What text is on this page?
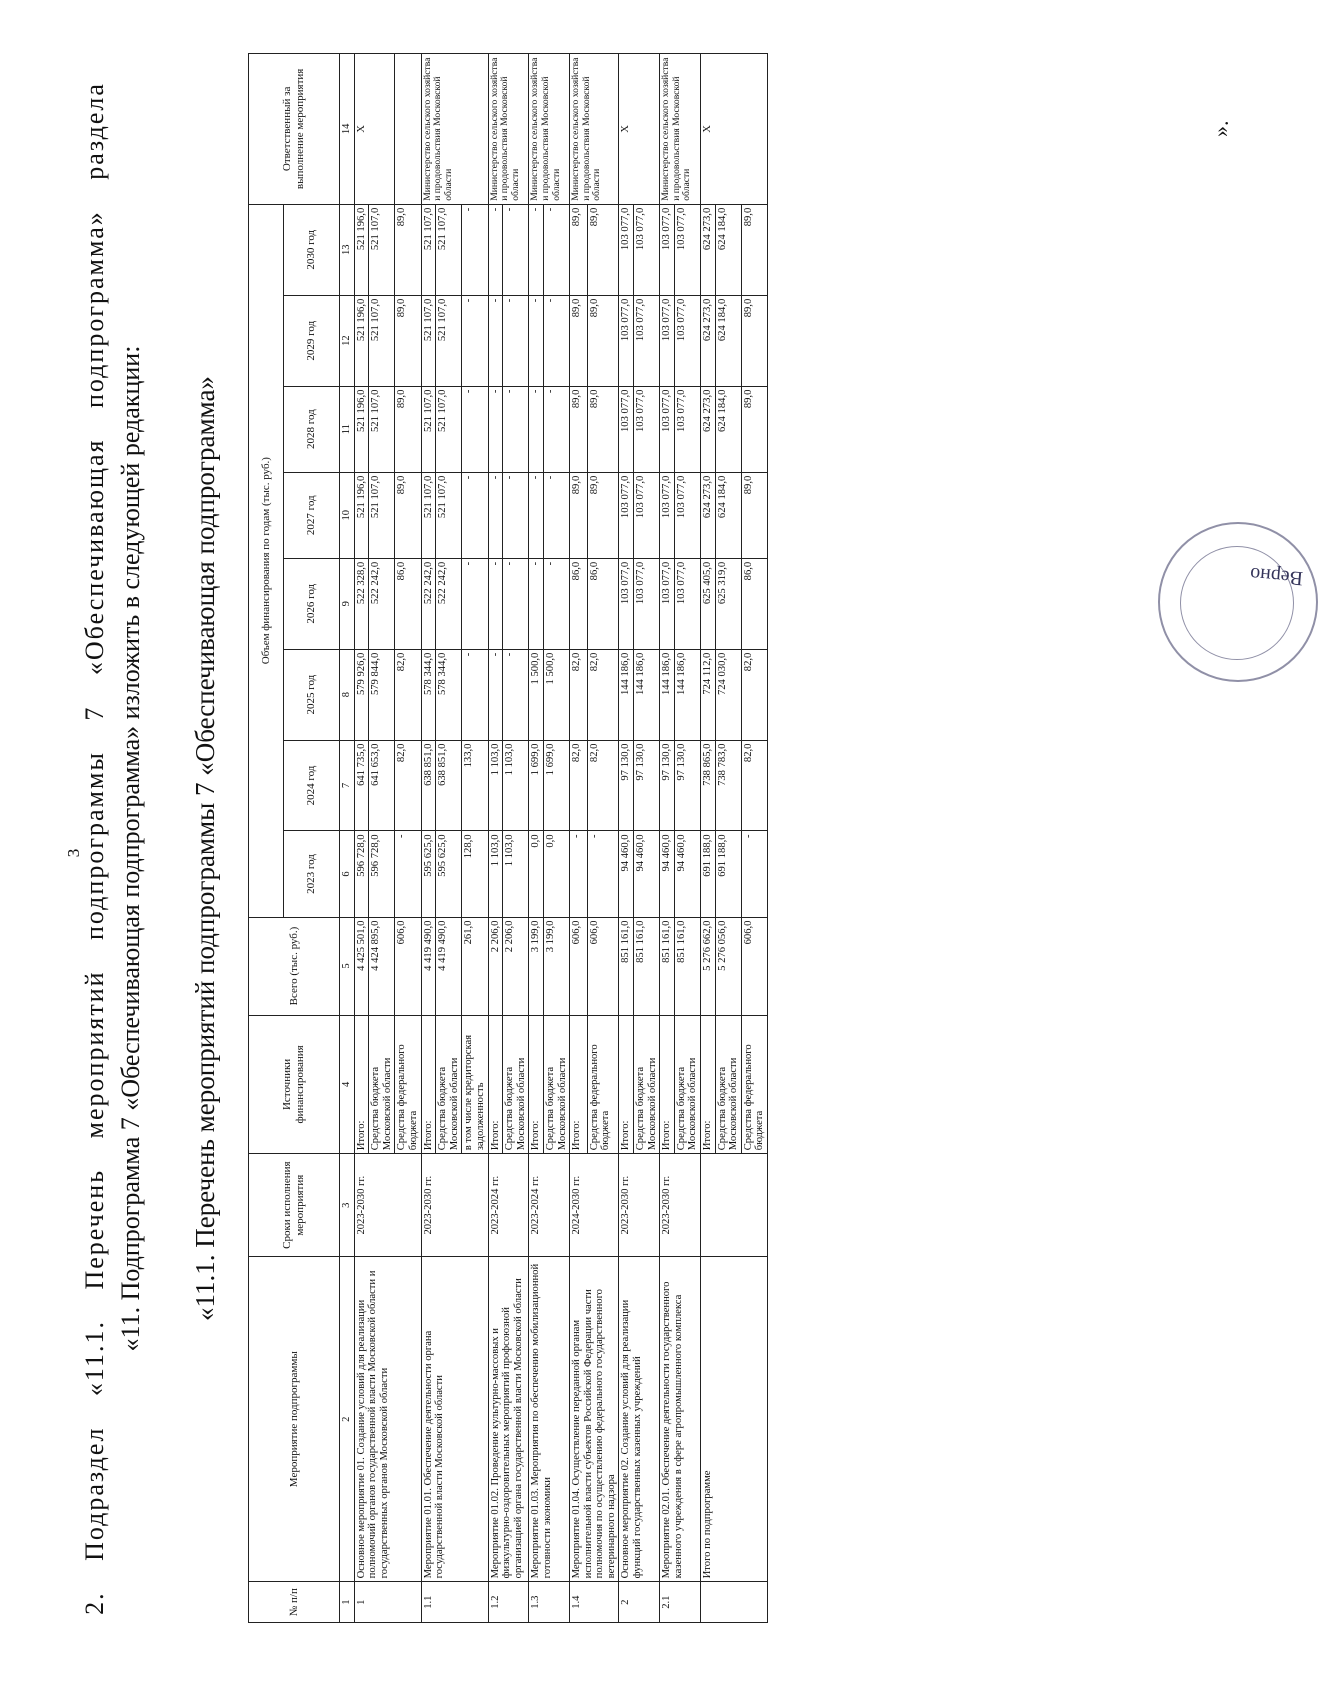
3
2. Подраздел «11.1. Перечень мероприятий подпрограммы 7 «Обеспечивающая подпрограмма» раздела «11. Подпрограмма 7 «Обеспечивающая подпрограмма» изложить в следующей редакции: «11.1. Перечень мероприятий подпрограммы 7 «Обеспечивающая подпрограмма»
№ п/п	Мероприятие подпрограммы	Сроки исполнения мероприятия	Источники финансирования	Всего (тыс. руб.)	Объем финансирования по годам (тыс. руб.)								Ответственный за выполнение мероприятия
					2023 год	2024 год	2025 год	2026 год	2027 год	2028 год	2029 год	2030 год	
1	2	3	4	5	6	7	8	9	10	11	12	13	14
1	Основное мероприятие 01. Создание условий для реализации полномочий органов государственной власти Московской области и государственных органов Московской области	2023-2030 гг.	Итого:	4 425 501,0	596 728,0	641 735,0	579 926,0	522 328,0	521 196,0	521 196,0	521 196,0	521 196,0	Х
			Средства бюджета Московской области	4 424 895,0	596 728,0	641 653,0	579 844,0	522 242,0	521 107,0	521 107,0	521 107,0	521 107,0	
			Средства федерального бюджета	606,0	-	82,0	82,0	86,0	89,0	89,0	89,0	89,0	
1.1	Мероприятие 01.01. Обеспечение деятельности органа государственной власти Московской области	2023-2030 гг.	Итого:	4 419 490,0	595 625,0	638 851,0	578 344,0	522 242,0	521 107,0	521 107,0	521 107,0	521 107,0	Министерство сельского хозяйства и продовольствия Московской области
			Средства бюджета Московской области	4 419 490,0	595 625,0	638 851,0	578 344,0	522 242,0	521 107,0	521 107,0	521 107,0	521 107,0	
			в том числе кредиторская задолженность	261,0	128,0	133,0	-	-	-	-	-	-	
1.2	Мероприятие 01.02. Проведение культурно-массовых и физкультурно-оздоровительных мероприятий профсоюзной организацией органа государственной власти Московской области	2023-2024 гг.	Итого:	2 206,0	1 103,0	1 103,0	-	-	-	-	-	-	Министерство сельского хозяйства и продовольствия Московской области
			Средства бюджета Московской области	2 206,0	1 103,0	1 103,0	-	-	-	-	-	-	
1.3	Мероприятие 01.03. Мероприятия по обеспечению мобилизационной готовности экономики	2023-2024 гг.	Итого:	3 199,0	0,0	1 699,0	1 500,0	-	-	-	-	-	Министерство сельского хозяйства и продовольствия Московской области
			Средства бюджета Московской области	3 199,0	0,0	1 699,0	1 500,0	-	-	-	-	-	
1.4	Мероприятие 01.04. Осуществление переданной органам исполнительной власти субъектов Российской Федерации части полномочия по осуществлению федерального государственного ветеринарного надзора	2024-2030 гг.	Итого:	606,0	-	82,0	82,0	86,0	89,0	89,0	89,0	89,0	Министерство сельского хозяйства и продовольствия Московской области
			Средства федерального бюджета	606,0	-	82,0	82,0	86,0	89,0	89,0	89,0	89,0	
2	Основное мероприятие 02. Создание условий для реализации функций государственных казенных учреждений	2023-2030 гг.	Итого:	851 161,0	94 460,0	97 130,0	144 186,0	103 077,0	103 077,0	103 077,0	103 077,0	103 077,0	Х
			Средства бюджета Московской области	851 161,0	94 460,0	97 130,0	144 186,0	103 077,0	103 077,0	103 077,0	103 077,0	103 077,0	
2.1	Мероприятие 02.01. Обеспечение деятельности государственного казенного учреждения в сфере агропромышленного комплекса	2023-2030 гг.	Итого:	851 161,0	94 460,0	97 130,0	144 186,0	103 077,0	103 077,0	103 077,0	103 077,0	103 077,0	Министерство сельского хозяйства и продовольствия Московской области
			Средства бюджета Московской области	851 161,0	94 460,0	97 130,0	144 186,0	103 077,0	103 077,0	103 077,0	103 077,0	103 077,0	
	Итого по подпрограмме		Итого:	5 276 662,0	691 188,0	738 865,0	724 112,0	625 405,0	624 273,0	624 273,0	624 273,0	624 273,0	Х
			Средства бюджета Московской области	5 276 056,0	691 188,0	738 783,0	724 030,0	625 319,0	624 184,0	624 184,0	624 184,0	624 184,0	
			Средства федерального бюджета	606,0	-	82,0	82,0	86,0	89,0	89,0	89,0	89,0	
Верно
».
